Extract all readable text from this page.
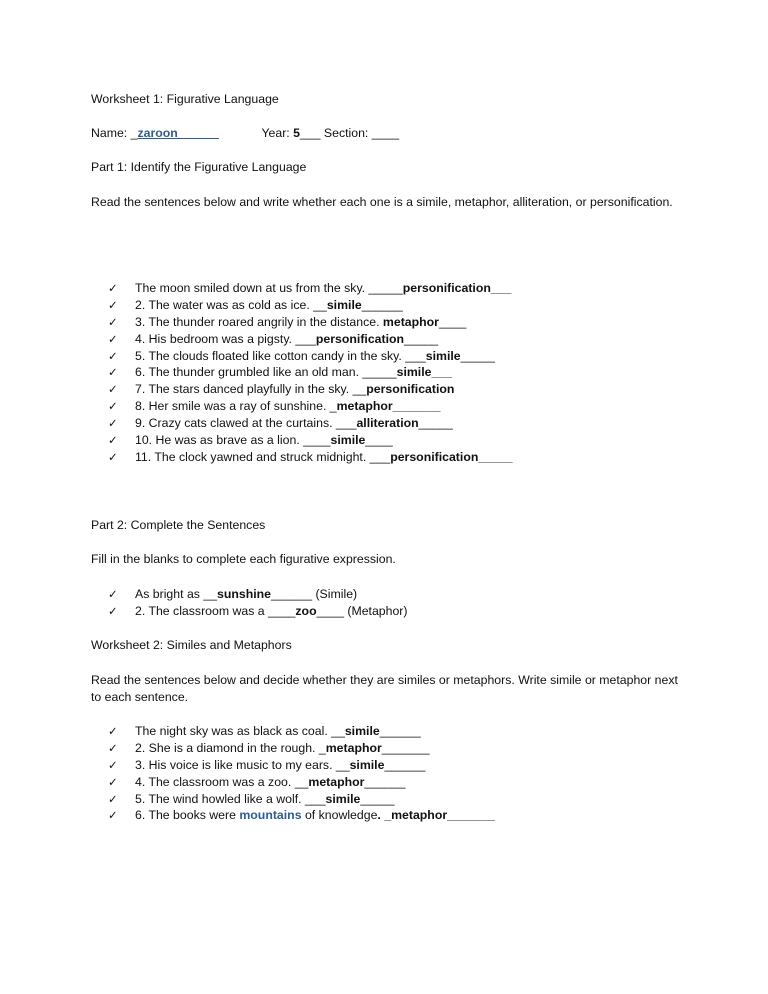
Worksheet 1: Figurative Language
Name: _zaroon______	Year: 5___ Section: ____
Part 1: Identify the Figurative Language
Read the sentences below and write whether each one is a simile, metaphor, alliteration, or personification.
✓ The moon smiled down at us from the sky. _____personification___
✓ 2. The water was as cold as ice. __simile______
✓ 3. The thunder roared angrily in the distance. metaphor____
✓ 4. His bedroom was a pigsty. ___personification_____
✓ 5. The clouds floated like cotton candy in the sky. ___simile_____
✓ 6. The thunder grumbled like an old man. _____simile___
✓ 7. The stars danced playfully in the sky. __personification
✓ 8. Her smile was a ray of sunshine. _metaphor_______
✓ 9. Crazy cats clawed at the curtains. ___alliteration_____
✓ 10. He was as brave as a lion. ____simile____
✓ 11. The clock yawned and struck midnight. ___personification_____
Part 2: Complete the Sentences
Fill in the blanks to complete each figurative expression.
✓ As bright as __sunshine______ (Simile)
✓ 2. The classroom was a ____zoo____ (Metaphor)
Worksheet 2: Similes and Metaphors
Read the sentences below and decide whether they are similes or metaphors. Write simile or metaphor next to each sentence.
✓ The night sky was as black as coal. __simile______
✓ 2. She is a diamond in the rough. _metaphor_______
✓ 3. His voice is like music to my ears. __simile______
✓ 4. The classroom was a zoo. __metaphor______
✓ 5. The wind howled like a wolf. ___simile_____
✓ 6. The books were mountains of knowledge. _metaphor_______
